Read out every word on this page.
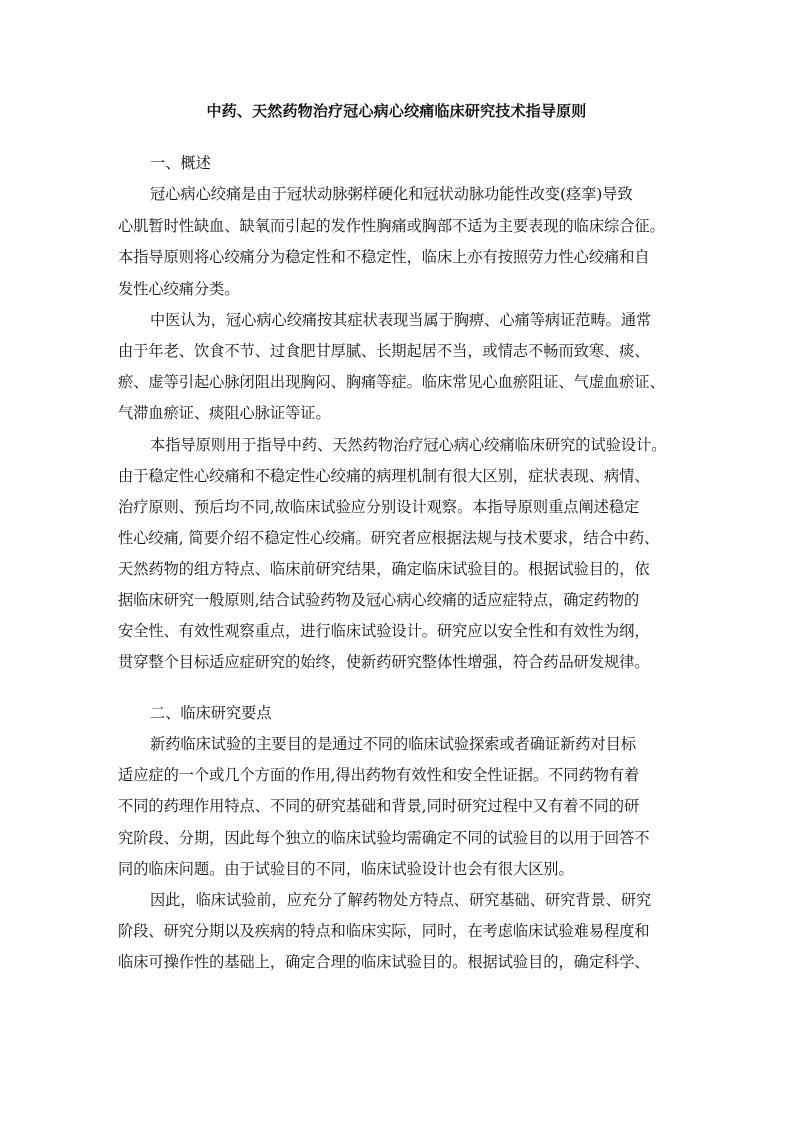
中药、天然药物治疗冠心病心绞痛临床研究技术指导原则
一、概述
冠心病心绞痛是由于冠状动脉粥样硬化和冠状动脉功能性改变(痉挛)导致
心肌暂时性缺血、缺氧而引起的发作性胸痛或胸部不适为主要表现的临床综合征。
本指导原则将心绞痛分为稳定性和不稳定性，临床上亦有按照劳力性心绞痛和自
发性心绞痛分类。
中医认为，冠心病心绞痛按其症状表现当属于胸痹、心痛等病证范畴。通常
由于年老、饮食不节、过食肥甘厚腻、长期起居不当，或情志不畅而致寒、痰、
瘀、虚等引起心脉闭阻出现胸闷、胸痛等症。临床常见心血瘀阻证、气虚血瘀证、
气滞血瘀证、痰阻心脉证等证。
本指导原则用于指导中药、天然药物治疗冠心病心绞痛临床研究的试验设计。
由于稳定性心绞痛和不稳定性心绞痛的病理机制有很大区别，症状表现、病情、
治疗原则、预后均不同,故临床试验应分别设计观察。本指导原则重点阐述稳定
性心绞痛, 简要介绍不稳定性心绞痛。研究者应根据法规与技术要求，结合中药、
天然药物的组方特点、临床前研究结果，确定临床试验目的。根据试验目的，依
据临床研究一般原则,结合试验药物及冠心病心绞痛的适应症特点，确定药物的
安全性、有效性观察重点，进行临床试验设计。研究应以安全性和有效性为纲，
贯穿整个目标适应症研究的始终，使新药研究整体性增强，符合药品研发规律。
二、临床研究要点
新药临床试验的主要目的是通过不同的临床试验探索或者确证新药对目标
适应症的一个或几个方面的作用,得出药物有效性和安全性证据。不同药物有着
不同的药理作用特点、不同的研究基础和背景,同时研究过程中又有着不同的研
究阶段、分期，因此每个独立的临床试验均需确定不同的试验目的以用于回答不
同的临床问题。由于试验目的不同，临床试验设计也会有很大区别。
因此，临床试验前，应充分了解药物处方特点、研究基础、研究背景、研究
阶段、研究分期以及疾病的特点和临床实际，同时，在考虑临床试验难易程度和
临床可操作性的基础上，确定合理的临床试验目的。根据试验目的，确定科学、
